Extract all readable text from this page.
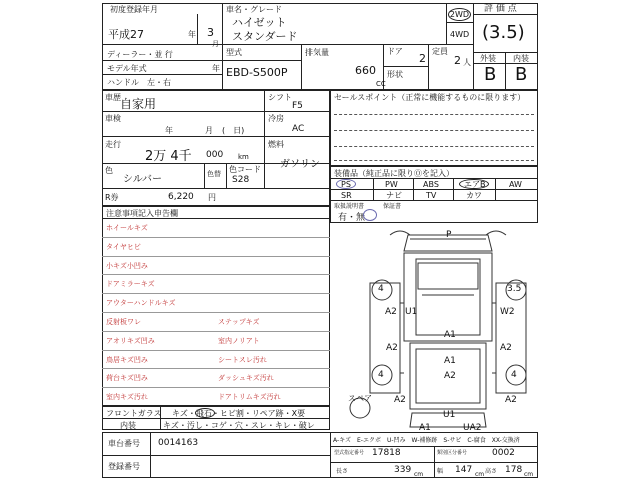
初度登録年月
平成27	年 3
月
ディーラー・並 行
モデル年式	年
ハンドル　左・右
車名・グレード
ハイゼット
スタンダード
型式
EBD-S500P
排気量
660
CC
ドア
2
形状
定員
2 人
2WD
4WD
評 価 点
(3.5)
外装 内装
B B
車歴 自家用	シフト
F5
車検
年	月 (　日)
冷房
AC
走行
2万 4千 000 km
燃料
ガソリン
色
シルバー	色替 色コード
S28
R券	6,220 円
セールスポイント（正常に機能するものに限ります）
装備品（純正品に限りⓄを記入）
PS	PW	ABS	エアB	AW
SR	ナビ	TV	カワ
取扱説明書	保証書
有・無
注意事項記入申告欄
ホイールキズ
タイヤヒビ
小キズ小凹み
ドアミラーキズ
アウターハンドルキズ
反射板ワレ	ステップキズ
アオリキズ凹み	室内ノリアト
鳥居キズ凹み	シートスレ汚れ
荷台キズ凹み	ダッシュキズ汚れ
室内キズ汚れ	ドアトリムキズ汚れ
フロントガラス キズ・飛石・ヒビ割・リペア跡・X要
内装	キズ・汚し・コゲ・穴・スレ・キレ・破レ
車台番号 0014163
登録番号
A-キズ　E-エクボ　U-凹み　W-補修跡　S-サビ　C-腐食　XX-交換済
型式指定番号 17818	類別区分番号	0002
長さ	339 cm 幅 147 cm 高さ 178 cm
P
4	3.5
A2 U1	W2
A1
A2	A2
A1
A2
4	4
A2	A2
U1
A1	UA2
スペア
